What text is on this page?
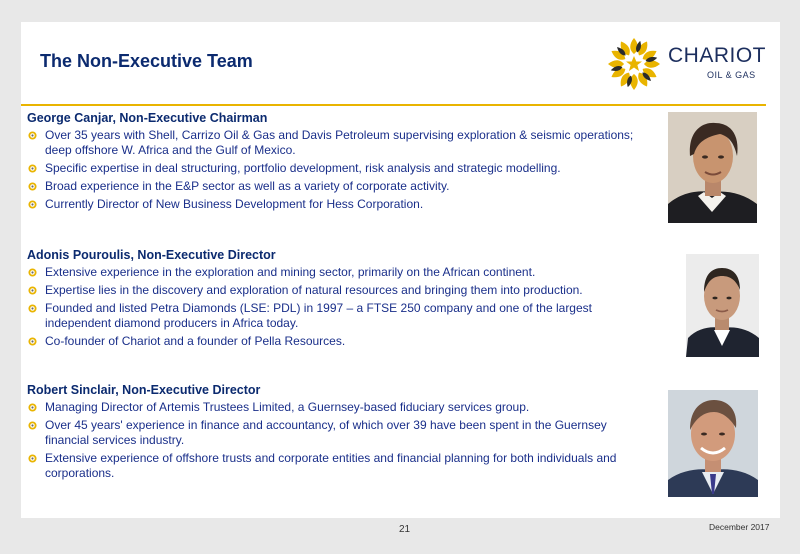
The Non-Executive Team	CHARIOT
OIL & GAS
George Canjar, Non-Executive Chairman
Over 35 years with Shell, Carrizo Oil & Gas and Davis Petroleum supervising exploration & seismic operations; deep offshore W. Africa and the Gulf of Mexico.
Specific expertise in deal structuring, portfolio development, risk analysis and strategic modelling.
Broad experience in the E&P sector as well as a variety of corporate activity.
Currently Director of New Business Development for Hess Corporation.
Adonis Pouroulis, Non-Executive Director
Extensive experience in the exploration and mining sector, primarily on the African continent.
Expertise lies in the discovery and exploration of natural resources and bringing them into production.
Founded and listed Petra Diamonds (LSE: PDL) in 1997 – a FTSE 250 company and one of the largest independent diamond producers in Africa today.
Co-founder of Chariot and a founder of Pella Resources.
Robert Sinclair, Non-Executive Director
Managing Director of Artemis Trustees Limited, a Guernsey-based fiduciary services group.
Over 45 years' experience in finance and accountancy, of which over 39 have been spent in the Guernsey financial services industry.
Extensive experience of offshore trusts and corporate entities and financial planning for both individuals and corporations.
21	December 2017
